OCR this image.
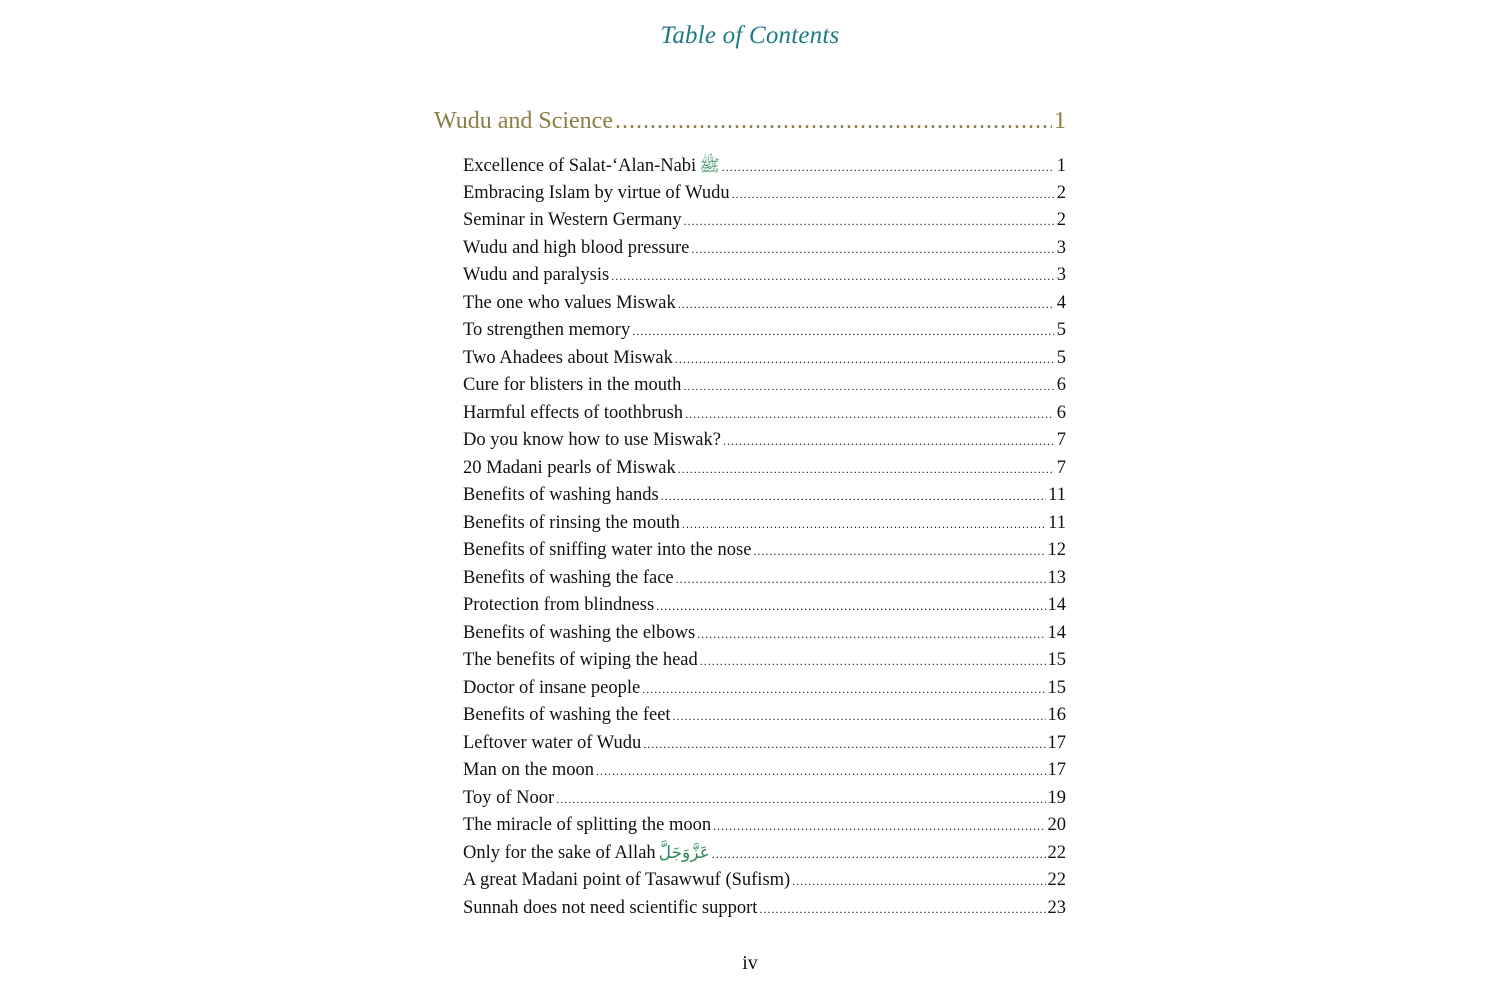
Table of Contents
Wudu and Science .....	1
Excellence of Salat-‘Alan-Nabi ﷺ .....	1
Embracing Islam by virtue of Wudu .....	2
Seminar in Western Germany .....	2
Wudu and high blood pressure .....	3
Wudu and paralysis .....	3
The one who values Miswak .....	4
To strengthen memory .....	5
Two Ahadees about Miswak .....	5
Cure for blisters in the mouth .....	6
Harmful effects of toothbrush .....	6
Do you know how to use Miswak? .....	7
20 Madani pearls of Miswak .....	7
Benefits of washing hands .....	11
Benefits of rinsing the mouth .....	11
Benefits of sniffing water into the nose .....	12
Benefits of washing the face .....	13
Protection from blindness .....	14
Benefits of washing the elbows .....	14
The benefits of wiping the head .....	15
Doctor of insane people .....	15
Benefits of washing the feet .....	16
Leftover water of Wudu .....	17
Man on the moon .....	17
Toy of Noor .....	19
The miracle of splitting the moon .....	20
Only for the sake of Allah عَزَّوَجَلَّ .....	22
A great Madani point of Tasawwuf (Sufism) .....	22
Sunnah does not need scientific support .....	23
iv
